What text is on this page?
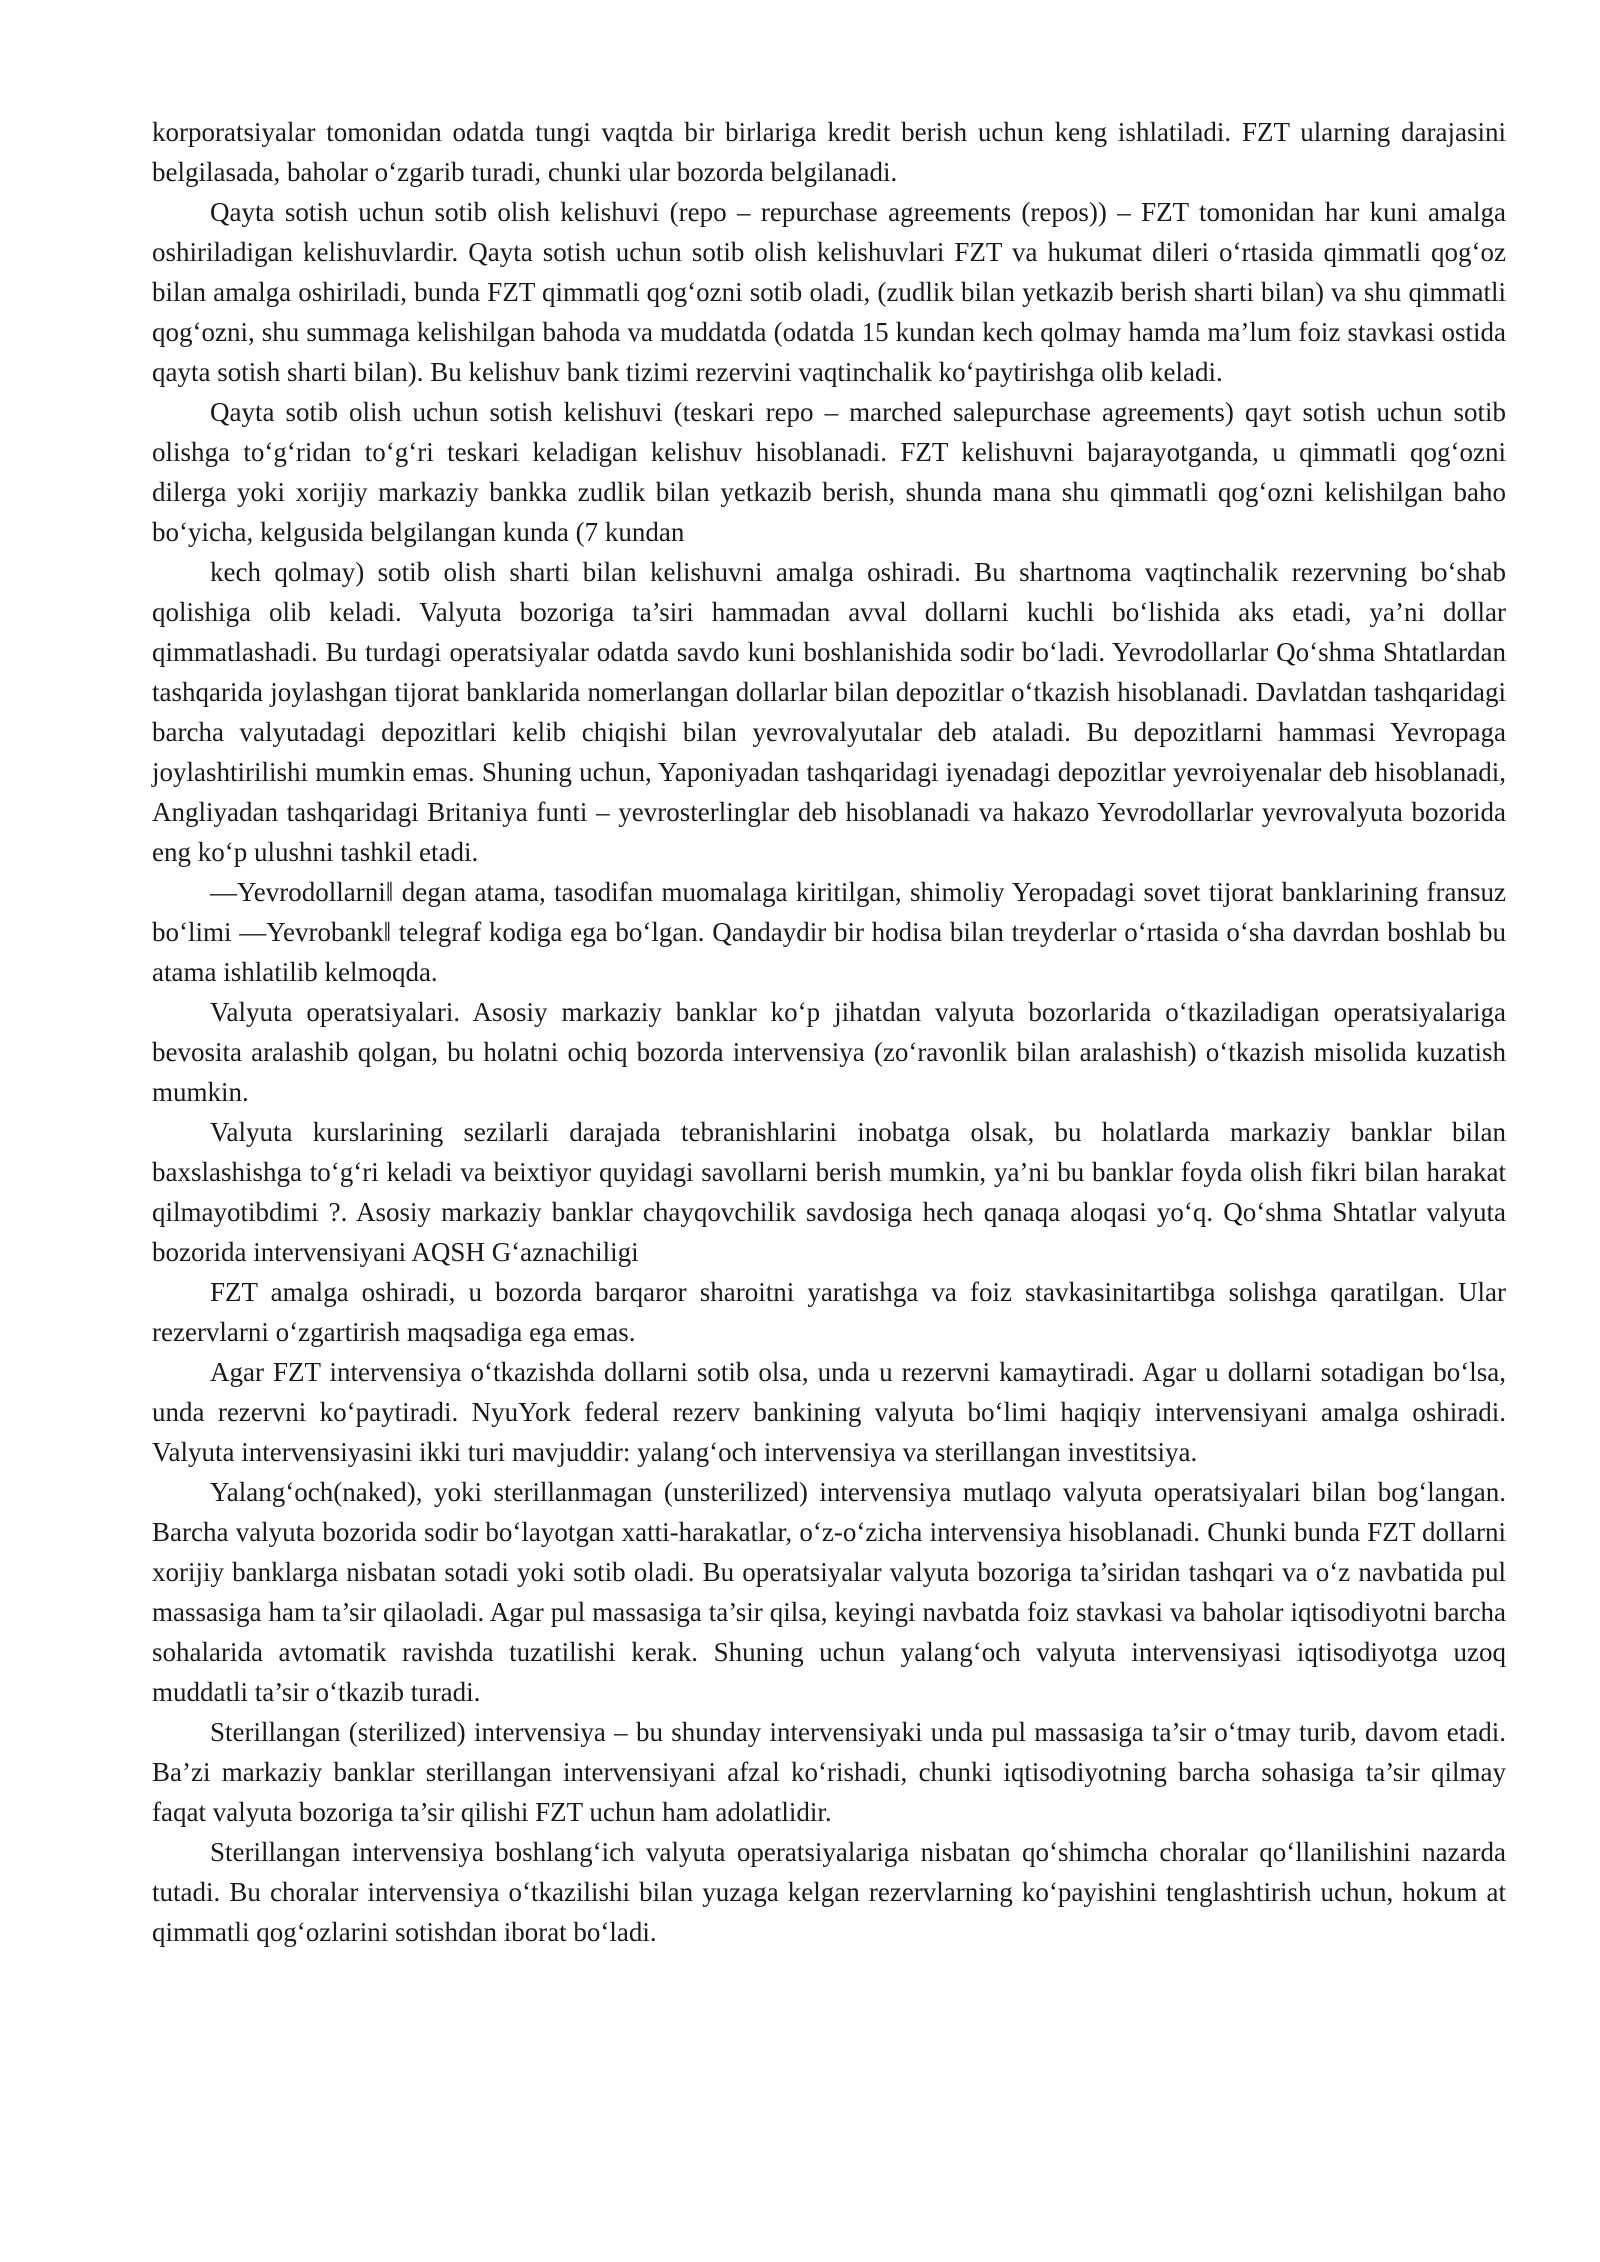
korporatsiyalar tomonidan odatda tungi vaqtda bir birlariga kredit berish uchun keng ishlatiladi. FZT ularning darajasini belgilasada, baholar o‘zgarib turadi, chunki ular bozorda belgilanadi.

Qayta sotish uchun sotib olish kelishuvi (repo – repurchase agreements (repos)) – FZT tomonidan har kuni amalga oshiriladigan kelishuvlardir. Qayta sotish uchun sotib olish kelishuvlari FZT va hukumat dileri o‘rtasida qimmatli qog‘oz bilan amalga oshiriladi, bunda FZT qimmatli qog‘ozni sotib oladi, (zudlik bilan yetkazib berish sharti bilan) va shu qimmatli qog‘ozni, shu summaga kelishilgan bahoda va muddatda (odatda 15 kundan kech qolmay hamda ma’lum foiz stavkasi ostida qayta sotish sharti bilan). Bu kelishuv bank tizimi rezervini vaqtinchalik ko‘paytirishga olib keladi.

Qayta sotib olish uchun sotish kelishuvi (teskari repo – marched salepurchase agreements) qayt sotish uchun sotib olishga to‘g‘ridan to‘g‘ri teskari keladigan kelishuv hisoblanadi. FZT kelishuvni bajarayotganda, u qimmatli qog‘ozni dilerga yoki xorijiy markaziy bankka zudlik bilan yetkazib berish, shunda mana shu qimmatli qog‘ozni kelishilgan baho bo‘yicha, kelgusida belgilangan kunda (7 kundan

kech qolmay) sotib olish sharti bilan kelishuvni amalga oshiradi. Bu shartnoma vaqtinchalik rezervning bo‘shab qolishiga olib keladi. Valyuta bozoriga ta’siri hammadan avval dollarni kuchli bo‘lishida aks etadi, ya’ni dollar qimmatlashadi. Bu turdagi operatsiyalar odatda savdo kuni boshlanishida sodir bo‘ladi. Yevrodollarlar Qo‘shma Shtatlardan tashqarida joylashgan tijorat banklarida nomerlangan dollarlar bilan depozitlar o‘tkazish hisoblanadi. Davlatdan tashqaridagi barcha valyutadagi depozitlari kelib chiqishi bilan yevrovalyutalar deb ataladi. Bu depozitlarni hammasi Yevropaga joylashtirilishi mumkin emas. Shuning uchun, Yaponiyadan tashqaridagi iyenadagi depozitlar yevroiyenalar deb hisoblanadi, Angliyadan tashqaridagi Britaniya funti – yevrosterlinglar deb hisoblanadi va hakazo Yevrodollarlar yevrovalyuta bozorida eng ko‘p ulushni tashkil etadi.

―Yevrodollarni‖ degan atama, tasodifan muomalaga kiritilgan, shimoliy Yeropadagi sovet tijorat banklarining fransuz bo‘limi ―Yevrobank‖ telegraf kodiga ega bo‘lgan. Qandaydir bir hodisa bilan treyderlar o‘rtasida o‘sha davrdan boshlab bu atama ishlatilib kelmoqda.

Valyuta operatsiyalari. Asosiy markaziy banklar ko‘p jihatdan valyuta bozorlarida o‘tkaziladigan operatsiyalariga bevosita aralashib qolgan, bu holatni ochiq bozorda intervensiya (zo‘ravonlik bilan aralashish) o‘tkazish misolida kuzatish mumkin.

Valyuta kurslarining sezilarli darajada tebranishlarini inobatga olsak, bu holatlarda markaziy banklar bilan baxslashishga to‘g‘ri keladi va beixtiyor quyidagi savollarni berish mumkin, ya’ni bu banklar foyda olish fikri bilan harakat qilmayotibdimi ?. Asosiy markaziy banklar chayqovchilik savdosiga hech qanaqa aloqasi yo‘q. Qo‘shma Shtatlar valyuta bozorida intervensiyani AQSH G‘aznachiligi

FZT amalga oshiradi, u bozorda barqaror sharoitni yaratishga va foiz stavkasinitartibga solishga qaratilgan. Ular rezervlarni o‘zgartirish maqsadiga ega emas.

Agar FZT intervensiya o‘tkazishda dollarni sotib olsa, unda u rezervni kamaytiradi. Agar u dollarni sotadigan bo‘lsa, unda rezervni ko‘paytiradi. NyuYork federal rezerv bankining valyuta bo‘limi haqiqiy intervensiyani amalga oshiradi. Valyuta intervensiyasini ikki turi mavjuddir: yalang‘och intervensiya va sterillangan investitsiya.

Yalang‘och(naked), yoki sterillanmagan (unsterilized) intervensiya mutlaqo valyuta operatsiyalari bilan bog‘langan. Barcha valyuta bozorida sodir bo‘layotgan xatti-harakatlar, o‘z-o‘zicha intervensiya hisoblanadi. Chunki bunda FZT dollarni xorijiy banklarga nisbatan sotadi yoki sotib oladi. Bu operatsiyalar valyuta bozoriga ta’siridan tashqari va o‘z navbatida pul massasiga ham ta’sir qilaoladi. Agar pul massasiga ta’sir qilsa, keyingi navbatda foiz stavkasi va baholar iqtisodiyotni barcha sohalarida avtomatik ravishda tuzatilishi kerak. Shuning uchun yalang‘och valyuta intervensiyasi iqtisodiyotga uzoq muddatli ta’sir o‘tkazib turadi.

Sterillangan (sterilized) intervensiya – bu shunday intervensiyaki unda pul massasiga ta’sir o‘tmay turib, davom etadi. Ba’zi markaziy banklar sterillangan intervensiyani afzal ko‘rishadi, chunki iqtisodiyotning barcha sohasiga ta’sir qilmay faqat valyuta bozoriga ta’sir qilishi FZT uchun ham adolatlidir.

Sterillangan intervensiya boshlang‘ich valyuta operatsiyalariga nisbatan qo‘shimcha choralar qo‘llanilishini nazarda tutadi. Bu choralar intervensiya o‘tkazilishi bilan yuzaga kelgan rezervlarning ko‘payishini tenglashtirish uchun, hokum at qimmatli qog‘ozlarini sotishdan iborat bo‘ladi.
